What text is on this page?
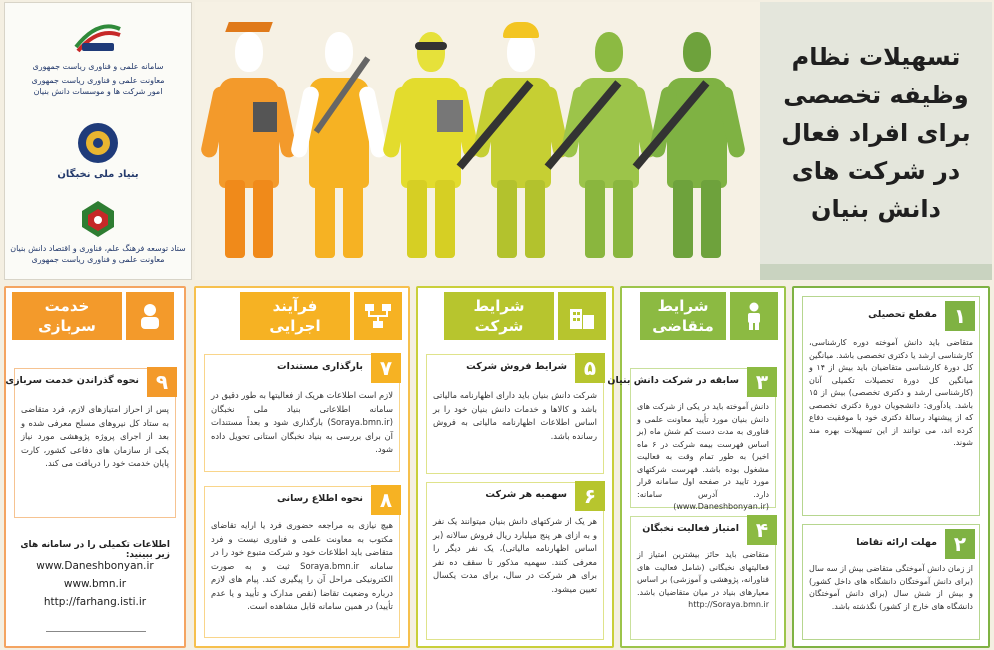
سامانه علمی و فناوری ریاست جمهوری
معاونت علمی و فناوری ریاست جمهوری
امور شرکت ها و موسسات دانش بنیان
بنیاد ملی نخبگان
ستاد توسعه فرهنگ علم، فناوری و اقتصاد دانش بنیان
معاونت علمی و فناوری ریاست جمهوری
تسهیلات نظام وظیفه تخصصی برای افراد فعال در شرکت های دانش بنیان
خدمت
سربازی
۹
نحوه گذراندن خدمت سربازی
پس از احراز امتیازهای لازم، فرد متقاضی به ستاد کل نیروهای مسلح معرفی شده و بعد از اجرای پروژه پژوهشی مورد نیاز یکی از سازمان های دفاعی کشور، کارت پایان خدمت خود را دریافت می کند.
اطلاعات تکمیلی را در سامانه های زیر ببینید:
www.Daneshbonyan.ir
www.bmn.ir
http://farhang.isti.ir
فرآیند
اجرایی
۷
بارگذاری مستندات
لازم است اطلاعات هریک از فعالیتها به طور دقیق در سامانه اطلاعاتی بنیاد ملی نخبگان (Soraya.bmn.ir) بارگذاری شود و بعداً مستندات آن برای بررسی به بنیاد نخبگان استانی تحویل داده شود.
۸
نحوه اطلاع رسانی
هیچ نیازی به مراجعه حضوری فرد یا ارایه تقاضای مکتوب به معاونت علمی و فناوری نیست و فرد متقاضی باید اطلاعات خود و شرکت متبوع خود را در سامانه Soraya.bmn.ir ثبت و به صورت الکترونیکی مراحل آن را پیگیری کند. پیام های لازم درباره وضعیت تقاضا (نقص مدارک و تأیید و یا عدم تأیید) در همین سامانه قابل مشاهده است.
شرایط
شرکت
۵
شرایط فروش شرکت
شرکت دانش بنیان باید دارای اظهارنامه مالیاتی باشد و کالاها و خدمات دانش بنیان خود را بر اساس اطلاعات اظهارنامه مالیاتی به فروش رسانده باشد.
۶
سهمیه هر شرکت
هر یک از شرکتهای دانش بنیان میتوانند یک نفر و به ازای هر پنج میلیارد ریال فروش سالانه (بر اساس اظهارنامه مالیاتی)، یک نفر دیگر را معرفی کنند. سهمیه مذکور تا سقف ده نفر برای هر شرکت در سال، برای مدت یکسال تعیین میشود.
شرایط
متقاضی
۳
سابقه در شرکت دانش بنیان
دانش آموخته باید در یکی از شرکت های دانش بنیان مورد تأیید معاونت علمی و فناوری به مدت دست کم شش ماه (بر اساس فهرست بیمه شرکت در ۶ ماه اخیر) به طور تمام وقت به فعالیت مشغول بوده باشد. فهرست شرکتهای مورد تایید در صفحه اول سامانه قرار دارد. آدرس سامانه: (www.Daneshbonyan.ir)
۴
امتیاز فعالیت نخبگان
متقاضی باید حائز بیشترین امتیاز از فعالیتهای نخبگانی (شامل فعالیت های فناورانه، پژوهشی و آموزشی) بر اساس معیارهای بنیاد در میان متقاضیان باشد. http://Soraya.bmn.ir
۱
مقطع تحصیلی
متقاضی باید دانش آموخته دوره کارشناسی، کارشناسی ارشد یا دکتری تخصصی باشد. میانگین کل دورۀ کارشناسی متقاضیان باید بیش از ۱۴ و میانگین کل دورۀ تحصیلات تکمیلی آنان (کارشناسی ارشد و دکتری تخصصی) بیش از ۱۵ باشد. یادآوری: دانشجویان دورۀ دکتری تخصصی که از پیشنهاد رسالۀ دکتری خود با موفقیت دفاع کرده اند، می توانند از این تسهیلات بهره مند شوند.
۲
مهلت ارائه تقاضا
از زمان دانش آموختگی متقاضی بیش از سه سال (برای دانش آموختگان دانشگاه های داخل کشور) و بیش از شش سال (برای دانش آموختگان دانشگاه های خارج از کشور) نگذشته باشد.
